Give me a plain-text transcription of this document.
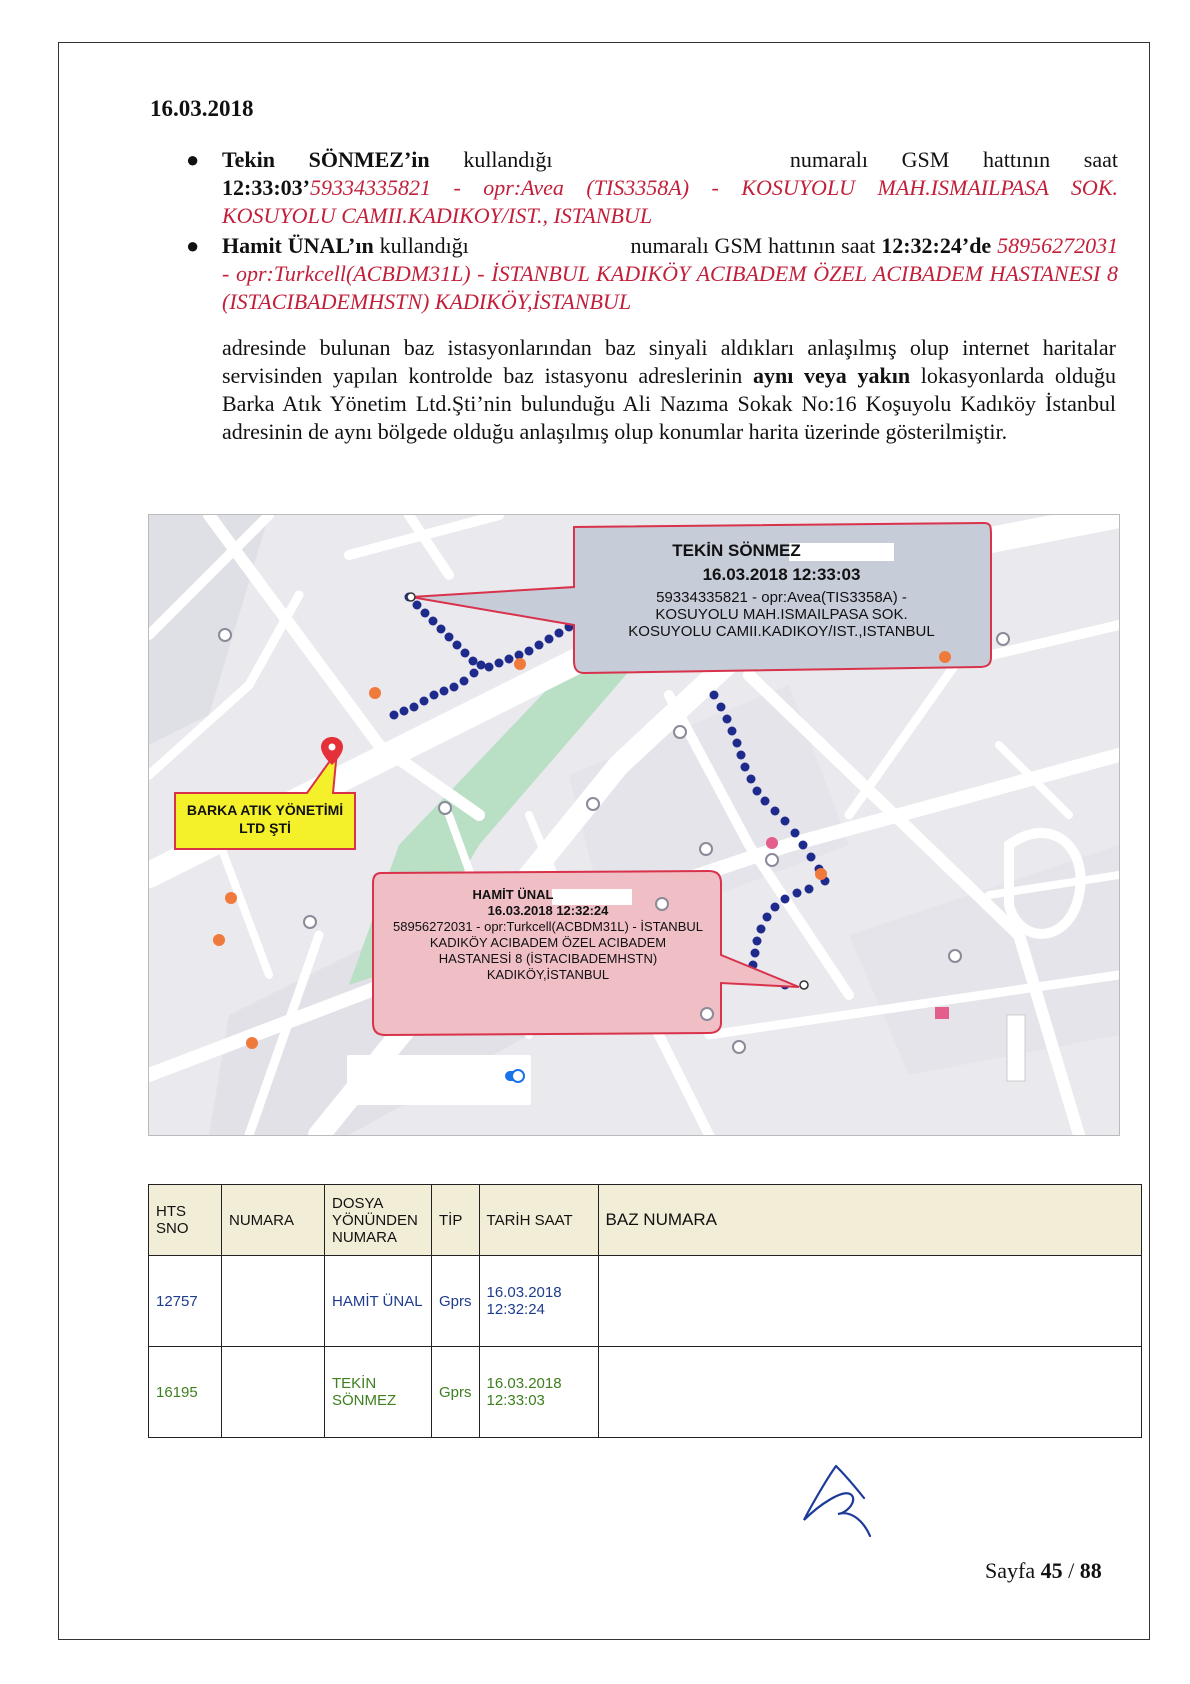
16.03.2018
● Tekin SÖNMEZ’in kullandığı	numaralı GSM hattının saat 12:33:03’59334335821 - opr:Avea (TIS3358A) - KOSUYOLU MAH.ISMAILPASA SOK. KOSUYOLU CAMII.KADIKOY/IST., ISTANBUL
● Hamit ÜNAL’ın kullandığı	numaralı GSM hattının saat 12:32:24’de 58956272031 - opr:Turkcell(ACBDM31L) - İSTANBUL KADIKÖY ACIBADEM ÖZEL ACIBADEM HASTANESI 8 (ISTACIBADEMHSTN) KADIKÖY,İSTANBUL
adresinde bulunan baz istasyonlarından baz sinyali aldıkları anlaşılmış olup internet haritalar servisinden yapılan kontrolde baz istasyonu adreslerinin aynı veya yakın lokasyonlarda olduğu Barka Atık Yönetim Ltd.Şti’nin bulunduğu Ali Nazıma Sokak No:16 Koşuyolu Kadıköy İstanbul adresinin de aynı bölgede olduğu anlaşılmış olup konumlar harita üzerinde gösterilmiştir.
TEKİN SÖNMEZ
16.03.2018 12:33:03
59334335821 - opr:Avea(TIS3358A) -
KOSUYOLU MAH.ISMAILPASA SOK.
KOSUYOLU CAMII.KADIKOY/IST.,ISTANBUL
HAMİT ÜNAL
16.03.2018 12:32:24
58956272031 - opr:Turkcell(ACBDM31L) - İSTANBUL
KADIKÖY ACIBADEM ÖZEL ACIBADEM
HASTANESİ 8 (İSTACIBADEMHSTN)
KADIKÖY,İSTANBUL
BARKA ATIK YÖNETİMİ
LTD ŞTİ
HTS SNO	NUMARA	DOSYA YÖNÜNDEN NUMARA	TİP	TARİH SAAT	BAZ NUMARA
12757		HAMİT ÜNAL	Gprs	16.03.2018 12:32:24	
16195		TEKİN SÖNMEZ	Gprs	16.03.2018 12:33:03	
Sayfa 45 / 88
